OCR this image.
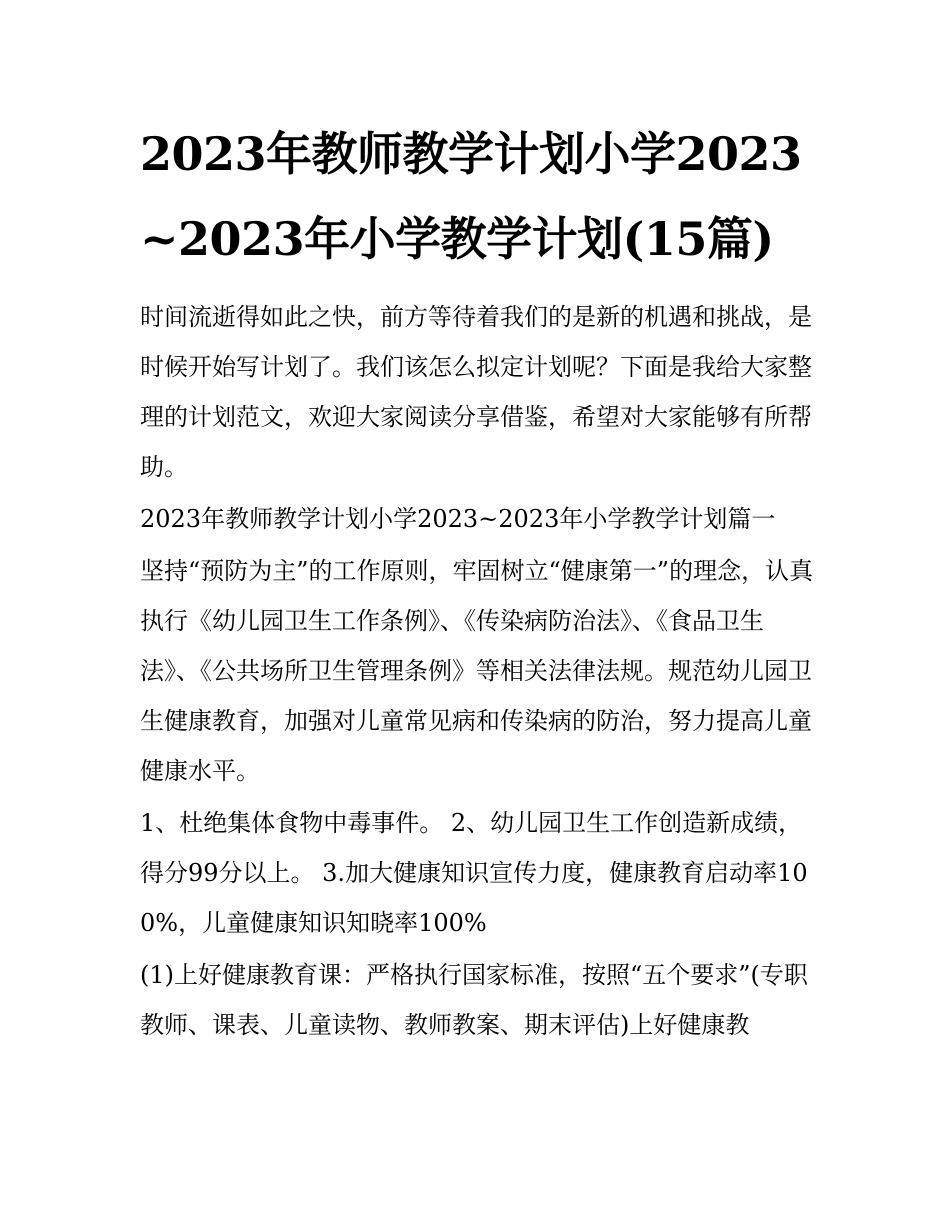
2023年教师教学计划小学2023~2023年小学教学计划(15篇)

时间流逝得如此之快，前方等待着我们的是新的机遇和挑战，是时候开始写计划了。我们该怎么拟定计划呢？下面是我给大家整理的计划范文，欢迎大家阅读分享借鉴，希望对大家能够有所帮助。

2023年教师教学计划小学2023~2023年小学教学计划篇一

坚持“预防为主”的工作原则，牢固树立“健康第一”的理念，认真执行《幼儿园卫生工作条例》、《传染病防治法》、《食品卫生法》、《公共场所卫生管理条例》等相关法律法规。规范幼儿园卫生健康教育，加强对儿童常见病和传染病的防治，努力提高儿童健康水平。

1、杜绝集体食物中毒事件。 2、幼儿园卫生工作创造新成绩，得分99分以上。 3.加大健康知识宣传力度，健康教育启动率100%，儿童健康知识知晓率100%

(1)上好健康教育课：严格执行国家标准，按照“五个要求”(专职教师、课表、儿童读物、教师教案、期末评估)上好健康教
